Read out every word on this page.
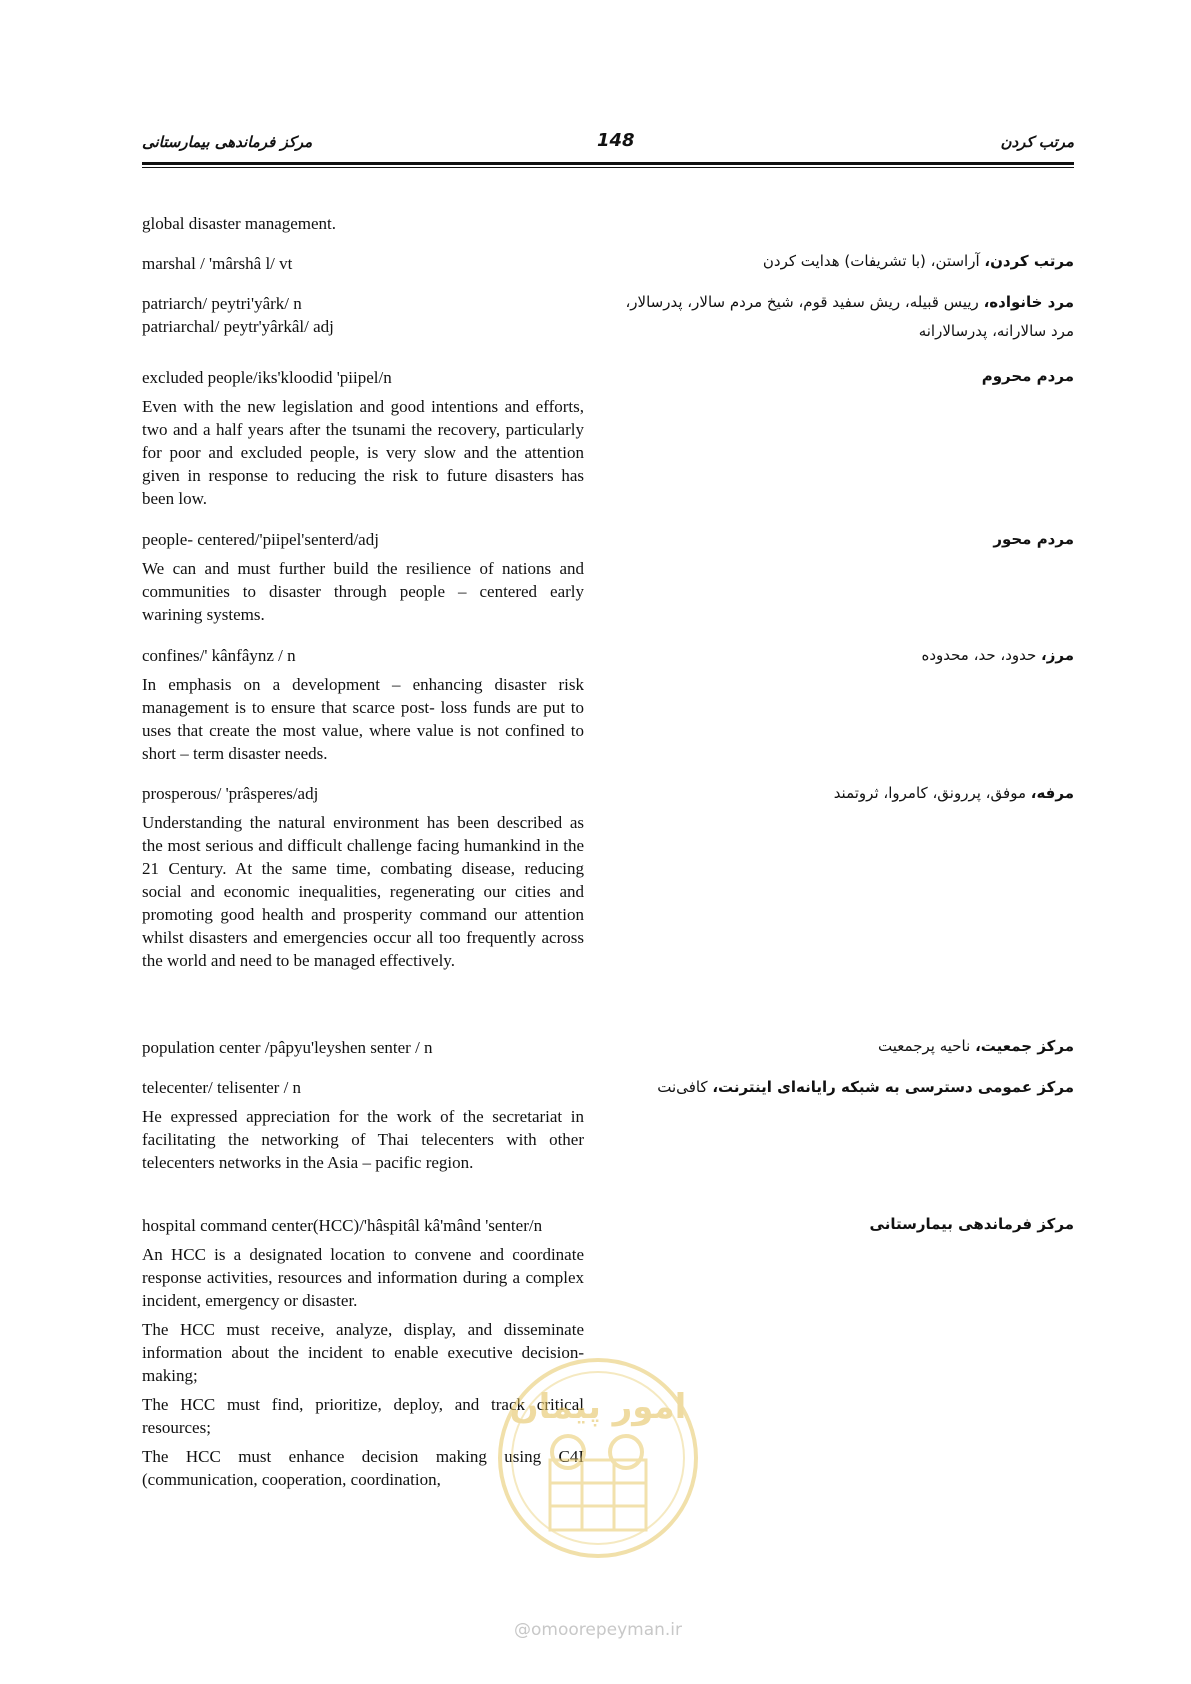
مرکز فرماندهی بیمارستانی	148	مرتب کردن
global disaster management.
marshal / 'mârshâ l/ vt
patriarch/ peytri'yârk/ n
patriarchal/ peytr'yârkâl/ adj
excluded people/iks'kloodid 'piipel/n
Even with the new legislation and good intentions and efforts, two and a half years after the tsunami the recovery, particularly for poor and excluded people, is very slow and the attention given in response to reducing the risk to future disasters has been low.
people- centered/'piipel'senterd/adj
We can and must further build the resilience of nations and communities to disaster through people – centered early warining systems.
confines/' kânfâynz / n
In emphasis on a development – enhancing disaster risk management is to ensure that scarce post- loss funds are put to uses that create the most value, where value is not confined to short – term disaster needs.
prosperous/ 'prâsperes/adj
Understanding the natural environment has been described as the most serious and difficult challenge facing humankind in the 21 Century. At the same time, combating disease, reducing social and economic inequalities, regenerating our cities and promoting good health and prosperity command our attention whilst disasters and emergencies occur all too frequently across the world and need to be managed effectively.
population center /pâpyu'leyshen senter / n
telecenter/ telisenter / n
He expressed appreciation for the work of the secretariat in facilitating the networking of Thai telecenters with other telecenters networks in the Asia – pacific region.
hospital command center(HCC)/'hâspitâl kâ'mând 'senter/n
An HCC is a designated location to convene and coordinate response activities, resources and information during a complex incident, emergency or disaster.
The HCC must receive, analyze, display, and disseminate information about the incident to enable executive decision-making;
The HCC must find, prioritize, deploy, and track critical resources;
The HCC must enhance decision making using C4I (communication, cooperation, coordination,
مرتب کردن، آراستن، (با تشریفات) هدایت کردن
مرد خانواده، رییس قبیله، ریش سفید قوم، شیخ مردم سالار، پدرسالار، مرد سالارانه، پدرسالارانه
مردم محروم
مردم محور
مرز، حدود، حد، محدوده
مرفه، موفق، پررونق، کامروا، ثروتمند
مرکز جمعیت، ناحیه پرجمعیت
مرکز عمومی دسترسی به شبکه رایانه‌ای اینترنت، کافی‌نت
مرکز فرماندهی بیمارستانی
امور پیمان
@omoorepeyman.ir
